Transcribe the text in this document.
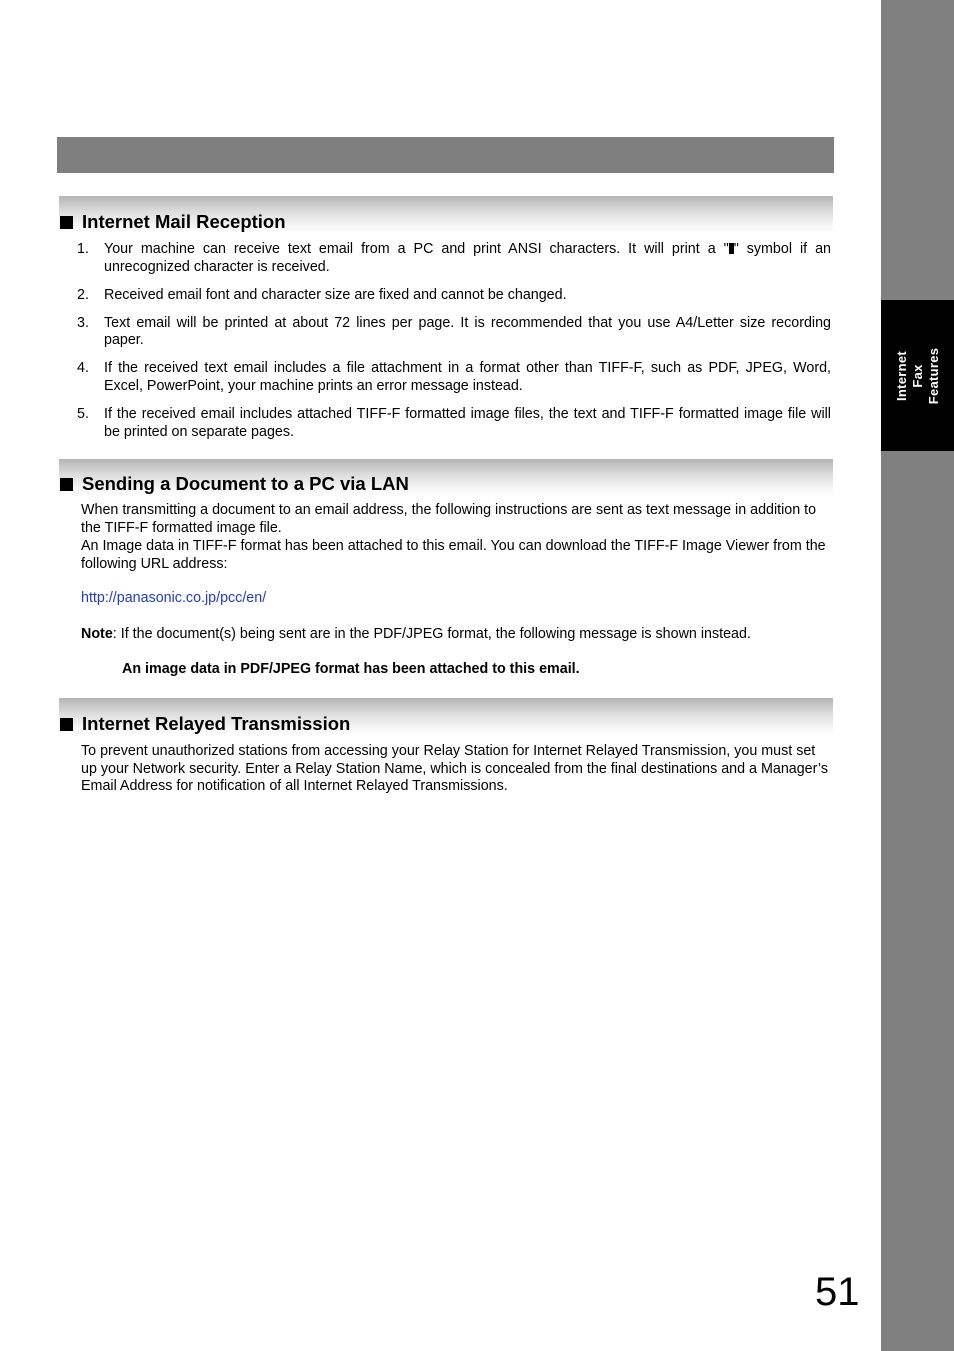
Internet Fax
Features
Internet Mail Reception
1. Your machine can receive text email from a PC and print ANSI characters. It will print a " " symbol if an unrecognized character is received.
2. Received email font and character size are fixed and cannot be changed.
3. Text email will be printed at about 72 lines per page. It is recommended that you use A4/Letter size recording paper.
4. If the received text email includes a file attachment in a format other than TIFF-F, such as PDF, JPEG, Word, Excel, PowerPoint, your machine prints an error message instead.
5. If the received email includes attached TIFF-F formatted image files, the text and TIFF-F formatted image file will be printed on separate pages.
Sending a Document to a PC via LAN

When transmitting a document to an email address, the following instructions are sent as text message in addition to the TIFF-F formatted image file.

An Image data in TIFF-F format has been attached to this email. You can download the TIFF-F Image Viewer from the following URL address:

http://panasonic.co.jp/pcc/en/

Note: If the document(s) being sent are in the PDF/JPEG format, the following message is shown instead.

An image data in PDF/JPEG format has been attached to this email.

Internet Relayed Transmission

To prevent unauthorized stations from accessing your Relay Station for Internet Relayed Transmission, you must set up your Network security. Enter a Relay Station Name, which is concealed from the final destinations and a Manager’s Email Address for notification of all Internet Relayed Transmissions.

51
